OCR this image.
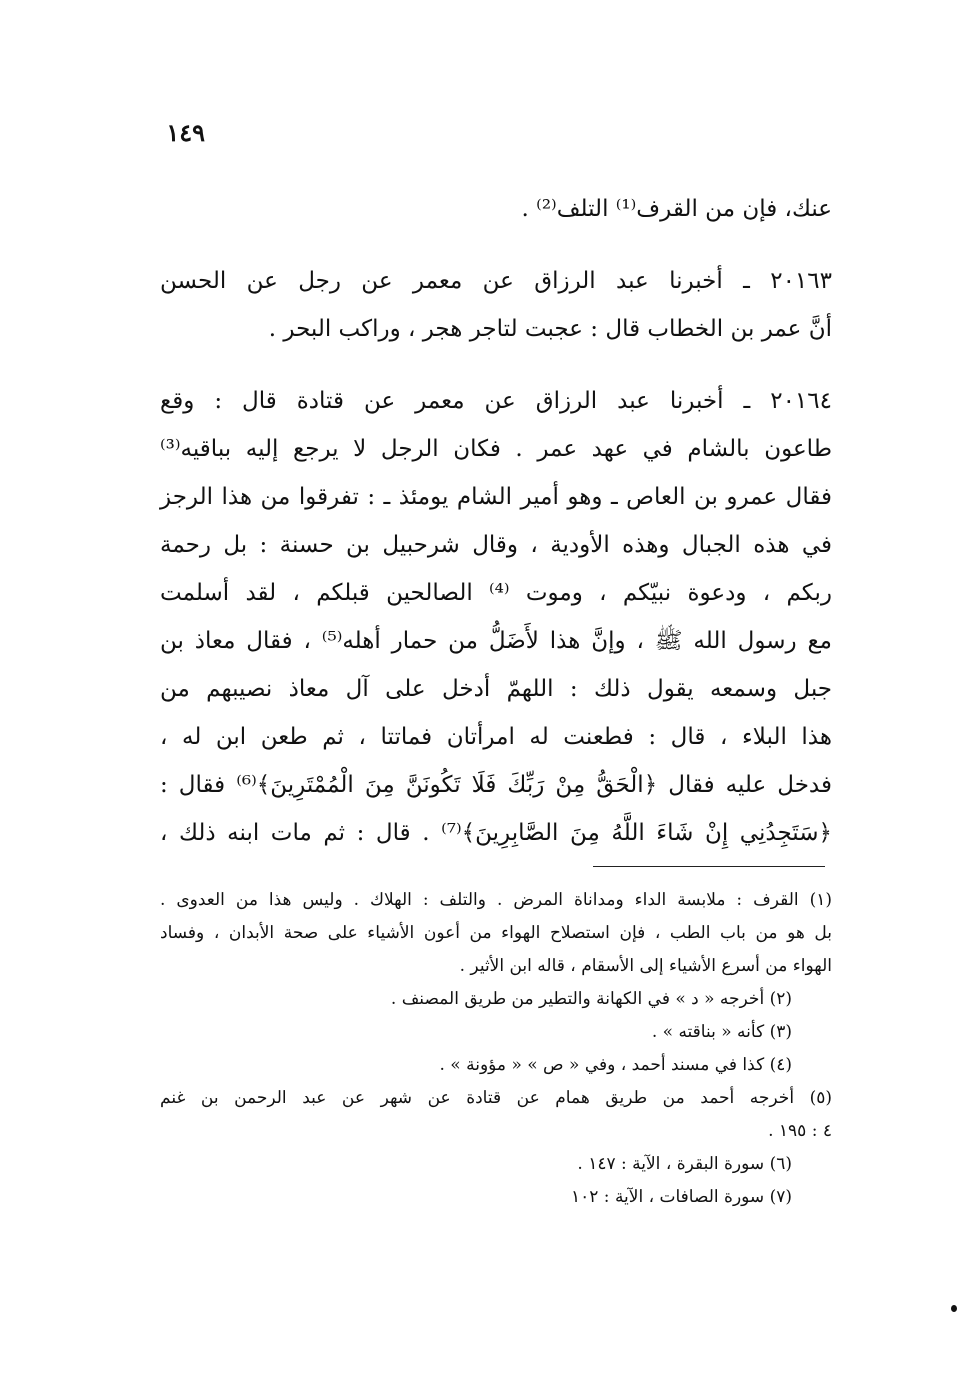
١٤٩
عنك، فإن من القرف⁽¹⁾ التلف⁽²⁾ .
٢٠١٦٣ ـ أخبرنا عبد الرزاق عن معمر عن رجل عن الحسن
أنَّ عمر بن الخطاب قال : عجبت لتاجر هجر ، وراكب البحر .
٢٠١٦٤ ـ أخبرنا عبد الرزاق عن معمر عن قتادة قال : وقع
طاعون بالشام في عهد عمر . فكان الرجل لا يرجع إليه بباقيه⁽³⁾
فقال عمرو بن العاص ـ وهو أمير الشام يومئذ ـ : تفرقوا من هذا الرجز
في هذه الجبال وهذه الأودية ، وقال شرحبيل بن حسنة : بل رحمة
ربكم ، ودعوة نبيّكم ، وموت ⁽⁴⁾ الصالحين قبلكم ، لقد أسلمت
مع رسول الله ﷺ ، وإنَّ هذا لأَضَلُّ من حمار أهله⁽⁵⁾ ، فقال معاذ بن
جبل وسمعه يقول ذلك : اللهمّ أدخل على آل معاذ نصيبهم من
هذا البلاء ، قال : فطعنت له امرأتان فماتتا ، ثم طعن ابن له ،
فدخل عليه فقال ﴿الْحَقُّ مِنْ رَبِّكَ فَلَا تَكُونَنَّ مِنَ الْمُمْتَرِينَ﴾⁽⁶⁾ فقال :
﴿سَتَجِدُنِي إِنْ شَاءَ اللَّهُ مِنَ الصَّابِرِينَ﴾⁽⁷⁾ . قال : ثم مات ابنه ذلك ،
(١) القرف : ملابسة الداء ومداناة المرض . والتلف : الهلاك . وليس هذا من العدوى .
بل هو من باب الطب ، فإن استصلاح الهواء من أعون الأشياء على صحة الأبدان ، وفساد
الهواء من أسرع الأشياء إلى الأسقام ، قاله ابن الأثير .
(٢) أخرجه « د » في الكهانة والتطير من طريق المصنف .
(٣) كأنه « بناقته » .
(٤) كذا في مسند أحمد ، وفي « ص » « مؤونة » .
(٥) أخرجه أحمد من طريق همام عن قتادة عن شهر عن عبد الرحمن بن غنم
٤ : ١٩٥ .
(٦) سورة البقرة ، الآية : ١٤٧ .
(٧) سورة الصافات ، الآية : ١٠٢
